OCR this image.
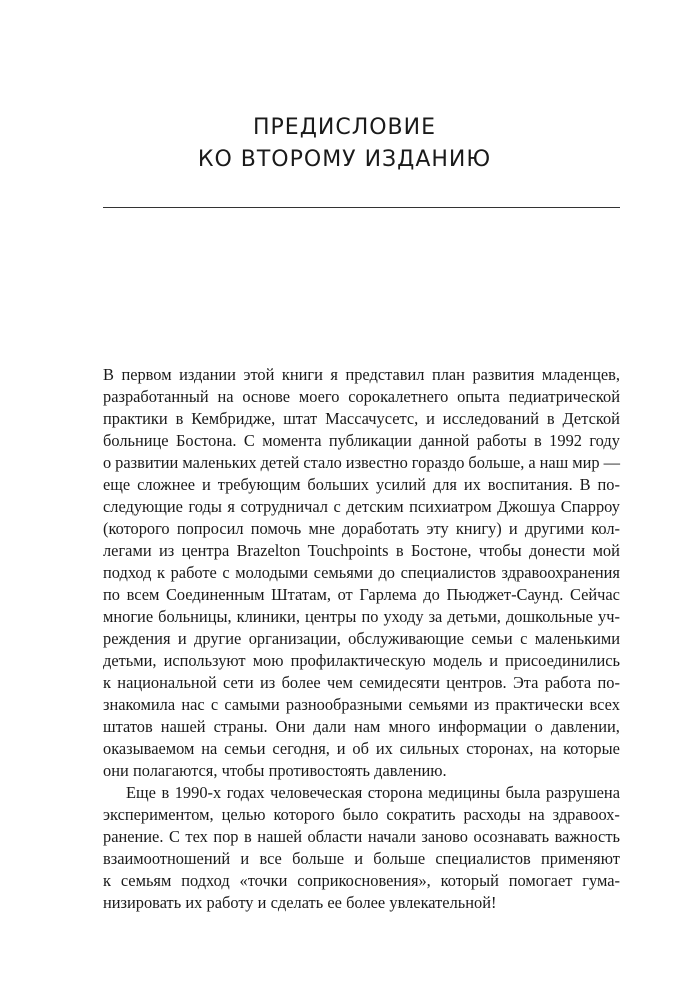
ПРЕДИСЛОВИЕ
КО ВТОРОМУ ИЗДАНИЮ
В первом издании этой книги я представил план развития младенцев,
разработанный на основе моего сорокалетнего опыта педиатрической
практики в Кембридже, штат Массачусетс, и исследований в Детской
больнице Бостона. С момента публикации данной работы в 1992 году
о развитии маленьких детей стало известно гораздо больше, а наш мир —
еще сложнее и требующим больших усилий для их воспитания. В по-
следующие годы я сотрудничал с детским психиатром Джошуа Спарроу
(которого попросил помочь мне доработать эту книгу) и другими кол-
легами из центра Brazelton Touchpoints в Бостоне, чтобы донести мой
подход к работе с молодыми семьями до специалистов здравоохранения
по всем Соединенным Штатам, от Гарлема до Пьюджет-Саунд. Сейчас
многие больницы, клиники, центры по уходу за детьми, дошкольные уч-
реждения и другие организации, обслуживающие семьи с маленькими
детьми, используют мою профилактическую модель и присоединились
к национальной сети из более чем семидесяти центров. Эта работа по-
знакомила нас с самыми разнообразными семьями из практически всех
штатов нашей страны. Они дали нам много информации о давлении,
оказываемом на семьи сегодня, и об их сильных сторонах, на которые
они полагаются, чтобы противостоять давлению.
Еще в 1990-х годах человеческая сторона медицины была разрушена
экспериментом, целью которого было сократить расходы на здравоох-
ранение. С тех пор в нашей области начали заново осознавать важность
взаимоотношений и все больше и больше специалистов применяют
к семьям подход «точки соприкосновения», который помогает гума-
низировать их работу и сделать ее более увлекательной!
